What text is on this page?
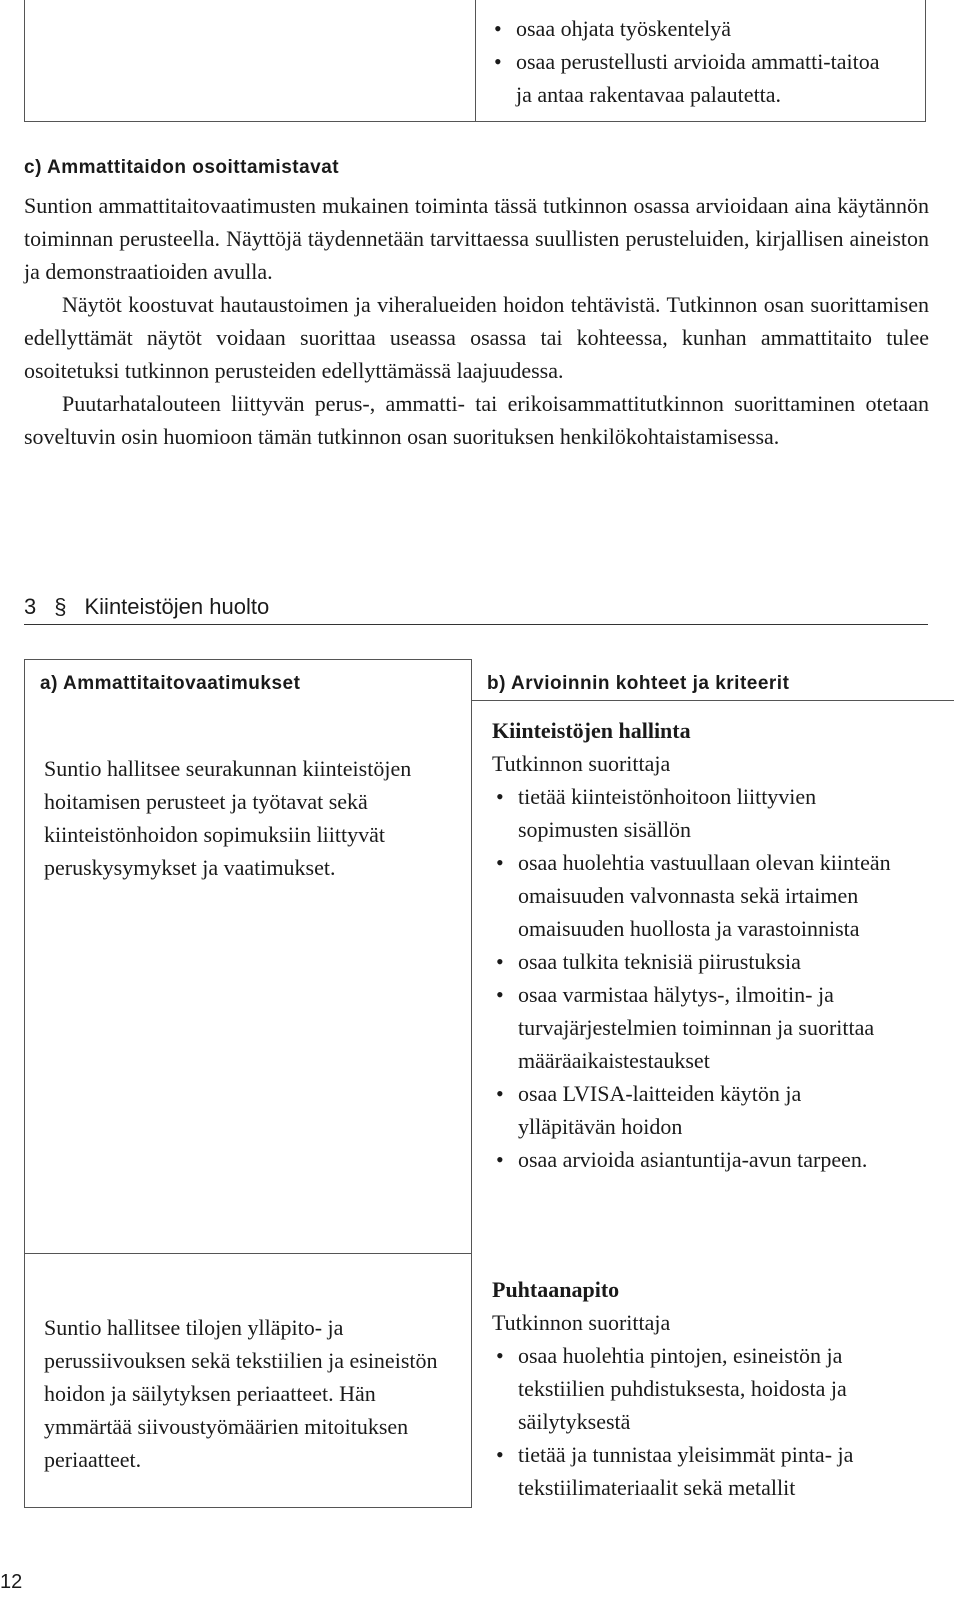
• osaa ohjata työskentelyä
• osaa perustellusti arvioida ammatti-taitoa ja antaa rakentavaa palautetta.
c) Ammattitaidon osoittamistavat

Suntion ammattitaitovaatimusten mukainen toiminta tässä tutkinnon osassa arvioidaan aina käytännön toiminnan perusteella. Näyttöjä täydennetään tarvittaessa suullisten perusteluiden, kirjallisen aineiston ja demonstraatioiden avulla.

Näytöt koostuvat hautaustoimen ja viheralueiden hoidon tehtävistä. Tutkinnon osan suorittamisen edellyttämät näytöt voidaan suorittaa useassa osassa tai kohteessa, kunhan ammattitaito tulee osoitetuksi tutkinnon perusteiden edellyttämässä laajuudessa.

Puutarhatalouteen liittyvän perus-, ammatti- tai erikoisammattitutkinnon suorittaminen otetaan soveltuvin osin huomioon tämän tutkinnon osan suorituksen henkilökohtaistamisessa.

3 § Kiinteistöjen huolto
a) Ammattitaitovaatimukset	b) Arvioinnin kohteet ja kriteerit

Suntio hallitsee seurakunnan kiinteistöjen hoitamisen perusteet ja työtavat sekä kiinteistönhoidon sopimuksiin liittyvät peruskysymykset ja vaatimukset.

Kiinteistöjen hallinta

Tutkinnon suorittaja

• tietää kiinteistönhoitoon liittyvien sopimusten sisällön
• osaa huolehtia vastuullaan olevan kiinteän omaisuuden valvonnasta sekä irtaimen omaisuuden huollosta ja varastoinnista
• osaa tulkita teknisiä piirustuksia
• osaa varmistaa hälytys-, ilmoitin- ja turvajärjestelmien toiminnan ja suorittaa määräaikaistestaukset
• osaa LVISA-laitteiden käytön ja ylläpitävän hoidon
• osaa arvioida asiantuntija-avun tarpeen.

Suntio hallitsee tilojen ylläpito- ja perussiivouksen sekä tekstiilien ja esineistön hoidon ja säilytyksen periaatteet. Hän ymmärtää siivoustyömäärien mitoituksen periaatteet.

Puhtaanapito

Tutkinnon suorittaja

• osaa huolehtia pintojen, esineistön ja tekstiilien puhdistuksesta, hoidosta ja säilytyksestä
• tietää ja tunnistaa yleisimmät pinta- ja tekstiilimateriaalit sekä metallit
12
